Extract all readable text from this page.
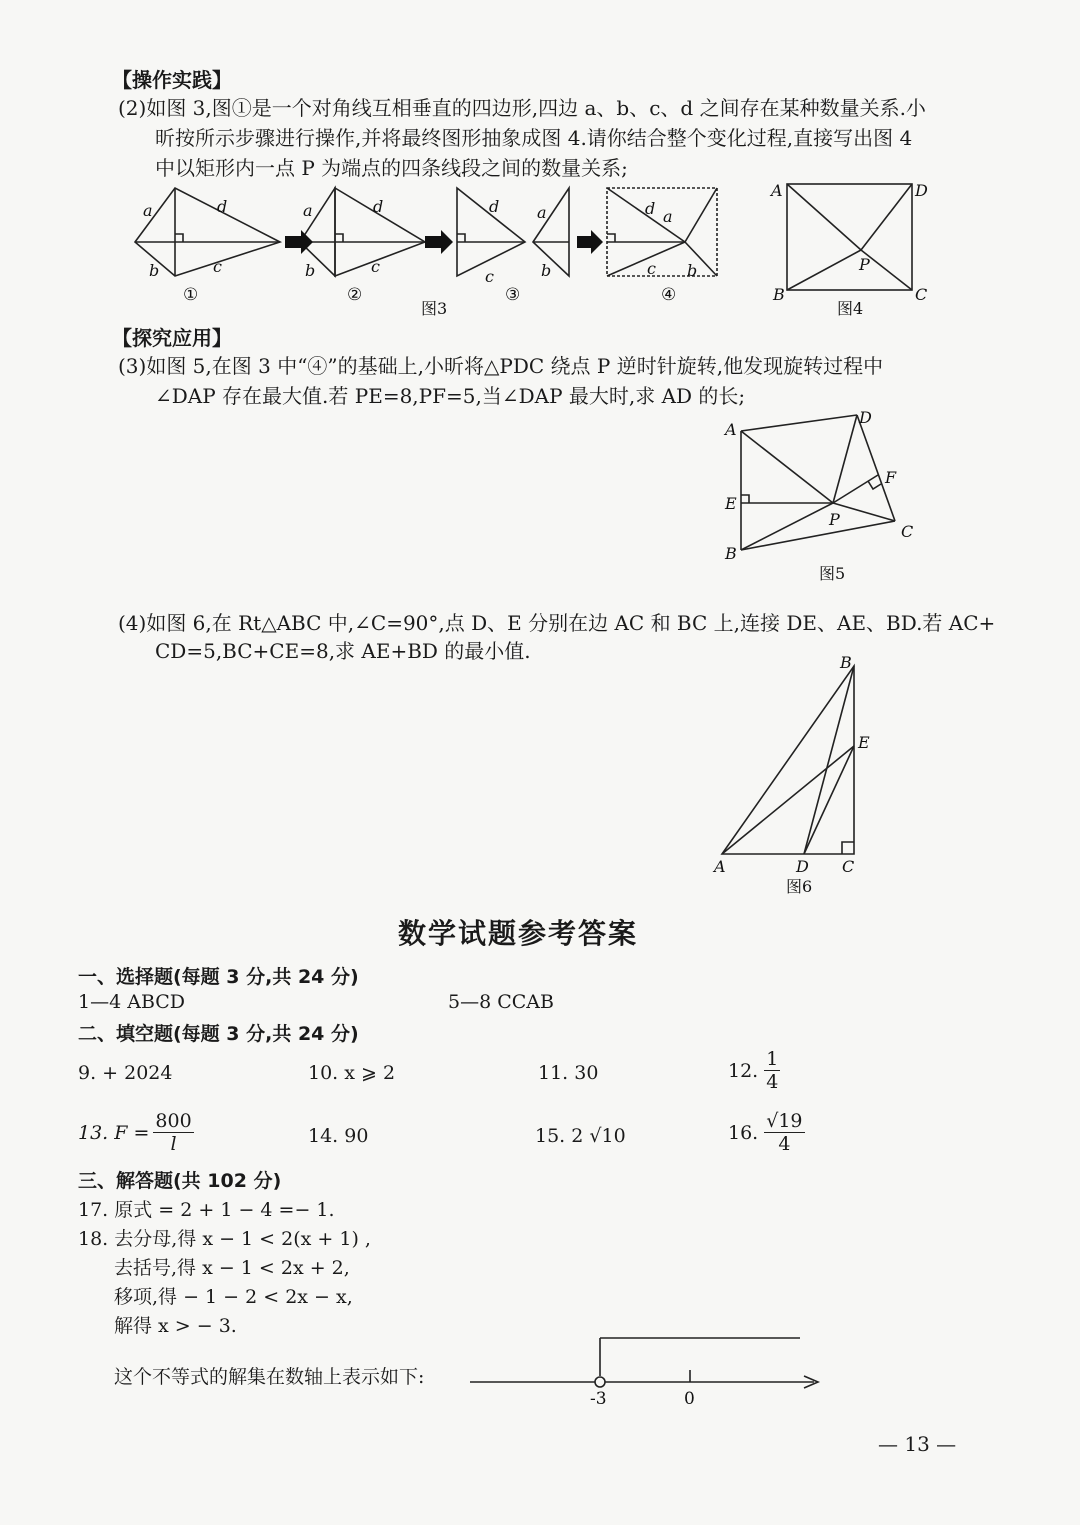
【操作实践】
(2)如图 3,图①是一个对角线互相垂直的四边形,四边 a、b、c、d 之间存在某种数量关系.小
昕按所示步骤进行操作,并将最终图形抽象成图 4.请你结合整个变化过程,直接写出图 4
中以矩形内一点 P 为端点的四条线段之间的数量关系;
a	d
b	c
a	d
b	c
d
c
a
b
d a
c b
①	②	③	④
图3
A	D
B	C
P
图4
【探究应用】
(3)如图 5,在图 3 中“④”的基础上,小昕将△PDC 绕点 P 逆时针旋转,他发现旋转过程中
∠DAP 存在最大值.若 PE=8,PF=5,当∠DAP 最大时,求 AD 的长;
A
D
E
F
P
C
B
图5
(4)如图 6,在 Rt△ABC 中,∠C=90°,点 D、E 分别在边 AC 和 BC 上,连接 DE、AE、BD.若 AC+
CD=5,BC+CE=8,求 AE+BD 的最小值.	B
E
A	D C
图6
数学试题参考答案
一、选择题(每题 3 分,共 24 分)
1—4 ABCD	5—8 CCAB
二、填空题(每题 3 分,共 24 分)
9. + 2024	10. x ⩾ 2	11. 30	12. $\frac{1}{4}$
13. $F = \frac{800}{l}$	14. 90	15. 2 √10	16. $\frac{√19}{4}$
三、解答题(共 102 分)
17. 原式 = 2 + 1 − 4 =− 1.
18. 去分母,得 x − 1 < 2(x + 1) ,
去括号,得 x − 1 < 2x + 2,
移项,得 − 1 − 2 < 2x − x,
解得 x > − 3.
这个不等式的解集在数轴上表示如下:
-3	0
— 13 —
